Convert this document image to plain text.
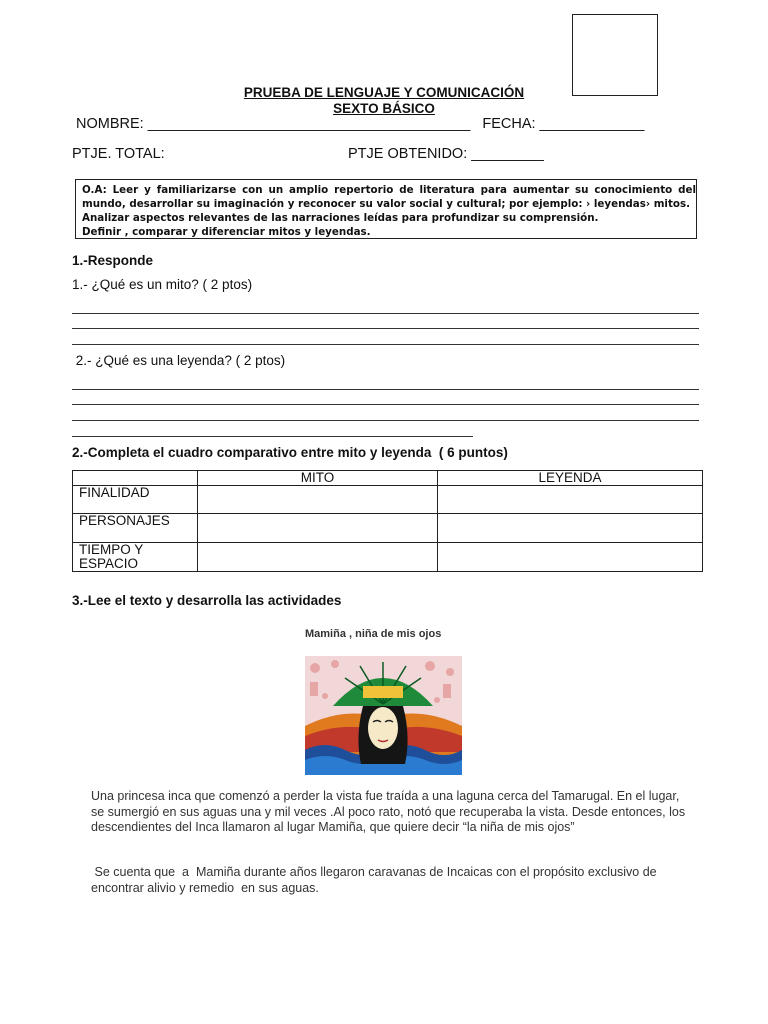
PRUEBA DE LENGUAJE Y COMUNICACIÓN
SEXTO BÁSICO
NOMBRE: ________________________________________   FECHA: _____________
PTJE. TOTAL:	PTJE OBTENIDO: _________

O.A: Leer y familiarizarse con un amplio repertorio de literatura para aumentar su conocimiento del mundo, desarrollar su imaginación y reconocer su valor social y cultural; por ejemplo: › leyendas› mitos.

Analizar aspectos relevantes de las narraciones leídas para profundizar su comprensión.

Definir , comparar y diferenciar mitos y leyendas.

1.-Responde
1.- ¿Qué es un mito? ( 2 ptos)
2.- ¿Qué es una leyenda? ( 2 ptos)
2.-Completa el cuadro comparativo entre mito y leyenda  ( 6 puntos)
	MITO	LEYENDA
FINALIDAD		
PERSONAJES		
TIEMPO Y ESPACIO		
3.-Lee el texto y desarrolla las actividades
Mamiña , niña de mis ojos
Una princesa inca que comenzó a perder la vista fue traída a una laguna cerca del Tamarugal. En el lugar, se sumergió en sus aguas una y mil veces .Al poco rato, notó que recuperaba la vista. Desde entonces, los descendientes del Inca llamaron al lugar Mamiña, que quiere decir “la niña de mis ojos”
Se cuenta que  a  Mamiña durante años llegaron caravanas de Incaicas con el propósito exclusivo de encontrar alivio y remedio  en sus aguas.
